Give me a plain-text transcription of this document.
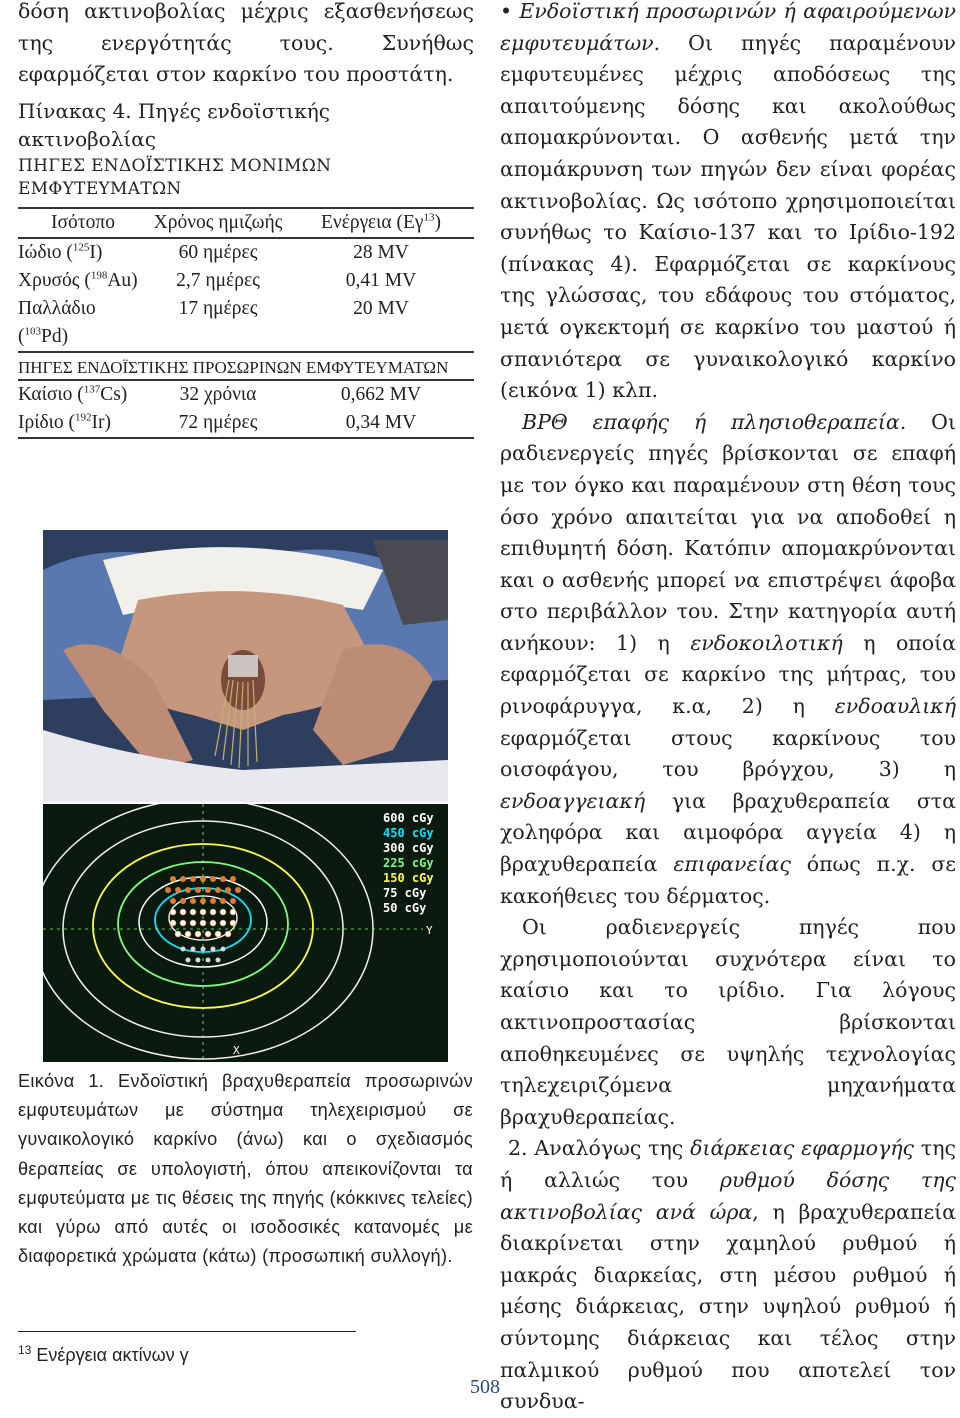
δόση ακτινοβολίας μέχρις εξασθενήσεως της ενεργότητάς τους. Συνήθως εφαρμόζεται στον καρκίνο του προστάτη.

Πίνακας 4. Πηγές ενδοϊστικής ακτινοβολίας
ΠΗΓΕΣ ΕΝΔΟΪΣΤΙΚΗΣ ΜΟΝΙΜΩΝ ΕΜΦΥΤΕΥΜΑΤΩΝ
Ισότοπο	Χρόνος ημιζωής	Ενέργεια $(E\gamma^{13})$
Ιώδιο ($^{125}$I)	60 ημέρες	28 MV
Χρυσός ($^{198}$Au)	2,7 ημέρες	0,41 MV
Παλλάδιο ($^{103}$Pd)	17 ημέρες	20 MV
ΠΗΓΕΣ ΕΝΔΟΪΣΤΙΚΗΣ ΠΡΟΣΩΡΙΝΩΝ ΕΜΦΥΤΕΥΜΑΤΩΝ		
Καίσιο ($^{137}$Cs)	32 χρόνια	0,662 MV
Ιρίδιο ($^{192}$Ir)	72 ημέρες	0,34 MV
Y
X
600 cGy
450 cGy
300 cGy
225 cGy
150 cGy
75 cGy
50 cGy
Εικόνα 1. Ενδοϊστική βραχυθεραπεία προσωρινών εμφυτευμάτων με σύστημα τηλεχειρισμού σε γυναικολογικό καρκίνο (άνω) και ο σχεδιασμός θεραπείας σε υπολογιστή, όπου απεικονίζονται τα εμφυτεύματα με τις θέσεις της πηγής (κόκκινες τελείες) και γύρω από αυτές οι ισοδοσικές κατανομές με διαφορετικά χρώματα (κάτω) (προσωπική συλλογή).
$^{13}$ Ενέργεια ακτίνων γ

• Ενδοϊστική προσωρινών ή αφαιρούμενων εμφυτευμάτων. Οι πηγές παραμένουν εμφυτευμένες μέχρις αποδόσεως της απαιτούμενης δόσης και ακολούθως απομακρύνονται. Ο ασθενής μετά την απομάκρυνση των πηγών δεν είναι φορέας ακτινοβολίας. Ως ισότοπο χρησιμοποιείται συνήθως το Καίσιο-137 και το Ιρίδιο-192 (πίνακας 4). Εφαρμόζεται σε καρκίνους της γλώσσας, του εδάφους του στόματος, μετά ογκεκτομή σε καρκίνο του μαστού ή σπανιότερα σε γυναικολογικό καρκίνο (εικόνα 1) κλπ.

ΒΡΘ επαφής ή πλησιοθεραπεία. Οι ραδιενεργείς πηγές βρίσκονται σε επαφή με τον όγκο και παραμένουν στη θέση τους όσο χρόνο απαιτείται για να αποδοθεί η επιθυμητή δόση. Κατόπιν απομακρύνονται και ο ασθενής μπορεί να επιστρέψει άφοβα στο περιβάλλον του. Στην κατηγορία αυτή ανήκουν: 1) η ενδοκοιλοτική η οποία εφαρμόζεται σε καρκίνο της μήτρας, του ρινοφάρυγγα, κ.α, 2) η ενδοαυλική εφαρμόζεται στους καρκίνους του οισοφάγου, του βρόγχου, 3) η ενδοαγγειακή για βραχυθεραπεία στα χοληφόρα και αιμοφόρα αγγεία 4) η βραχυθεραπεία επιφανείας όπως π.χ. σε κακοήθειες του δέρματος.

Οι ραδιενεργείς πηγές που χρησιμοποιούνται συχνότερα είναι το καίσιο και το ιρίδιο. Για λόγους ακτινοπροστασίας βρίσκονται αποθηκευμένες σε υψηλής τεχνολογίας τηλεχειριζόμενα μηχανήματα βραχυθεραπείας.

2. Αναλόγως της διάρκειας εφαρμογής της ή αλλιώς του ρυθμού δόσης της ακτινοβολίας ανά ώρα, η βραχυθεραπεία διακρίνεται στην χαμηλού ρυθμού ή μακράς διαρκείας, στη μέσου ρυθμού ή μέσης διάρκειας, στην υψηλού ρυθμού ή σύντομης διάρκειας και τέλος στην παλμικού ρυθμού που αποτελεί τον συνδυα-

508
